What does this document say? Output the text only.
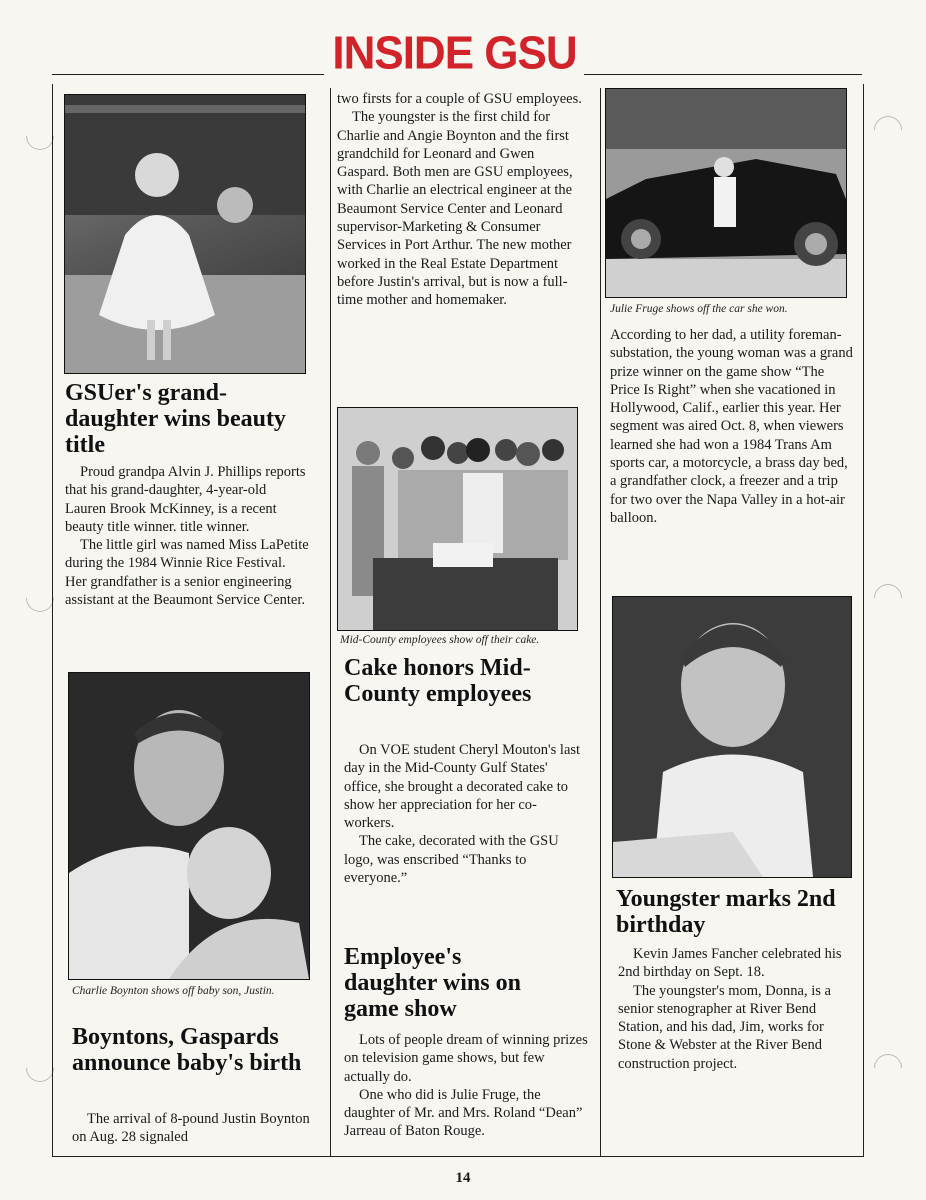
INSIDE GSU
GSUer's grand-daughter wins beauty title

Proud grandpa Alvin J. Phillips reports that his grand-daughter, 4-year-old Lauren Brook McKinney, is a recent beauty title winner. title winner.

The little girl was named Miss LaPetite during the 1984 Winnie Rice Festival. Her grandfather is a senior engineering assistant at the Beaumont Service Center.

Charlie Boynton shows off baby son, Justin.
Boyntons, Gaspards announce baby's birth

The arrival of 8-pound Justin Boynton on Aug. 28 signaled

two firsts for a couple of GSU employees.

The youngster is the first child for Charlie and Angie Boynton and the first grandchild for Leonard and Gwen Gaspard. Both men are GSU employees, with Charlie an electrical engineer at the Beaumont Service Center and Leonard supervisor-Marketing & Consumer Services in Port Arthur. The new mother worked in the Real Estate Department before Justin's arrival, but is now a full-time mother and homemaker.

Mid-County employees show off their cake.
Cake honors Mid-County employees

On VOE student Cheryl Mouton's last day in the Mid-County Gulf States' office, she brought a decorated cake to show her appreciation for her co-workers.

The cake, decorated with the GSU logo, was enscribed “Thanks to everyone.”

Employee's daughter wins on game show

Lots of people dream of winning prizes on television game shows, but few actually do.

One who did is Julie Fruge, the daughter of Mr. and Mrs. Roland “Dean” Jarreau of Baton Rouge.

Julie Fruge shows off the car she won.

According to her dad, a utility foreman-substation, the young woman was a grand prize winner on the game show “The Price Is Right” when she vacationed in Hollywood, Calif., earlier this year. Her segment was aired Oct. 8, when viewers learned she had won a 1984 Trans Am sports car, a motorcycle, a brass day bed, a grandfather clock, a freezer and a trip for two over the Napa Valley in a hot-air balloon.

Youngster marks 2nd birthday

Kevin James Fancher celebrated his 2nd birthday on Sept. 18.

The youngster's mom, Donna, is a senior stenographer at River Bend Station, and his dad, Jim, works for Stone & Webster at the River Bend construction project.

14
